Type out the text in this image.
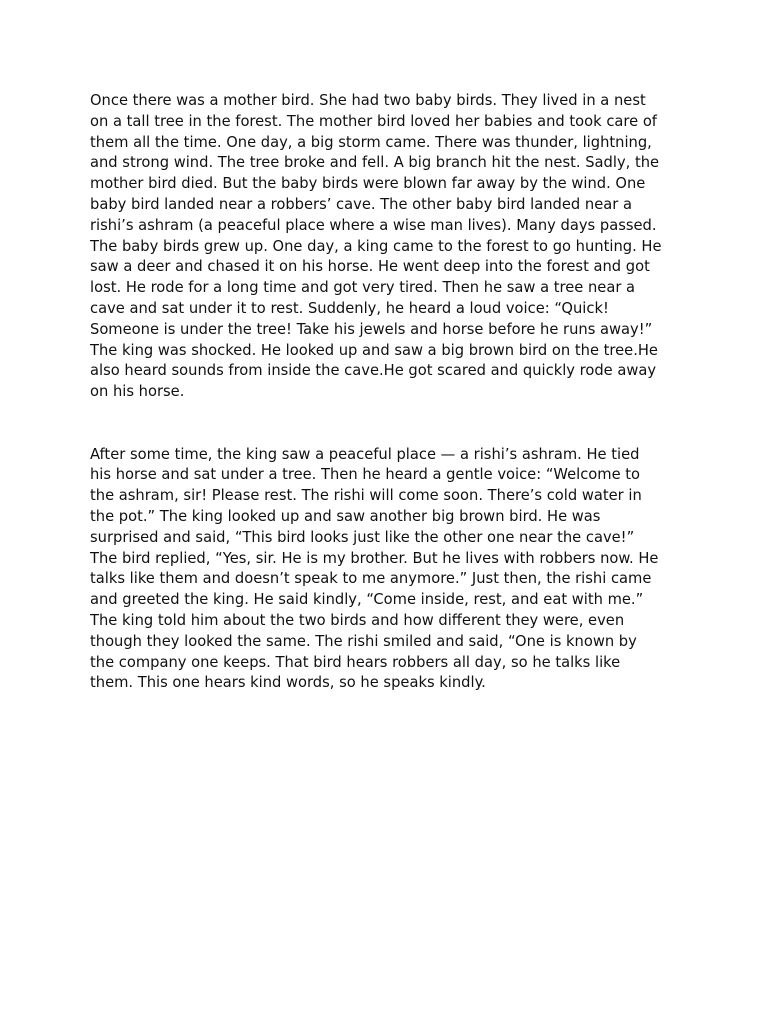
Once there was a mother bird. She had two baby birds. They lived in a nest
on a tall tree in the forest. The mother bird loved her babies and took care of
them all the time. One day, a big storm came. There was thunder, lightning,
and strong wind. The tree broke and fell. A big branch hit the nest. Sadly, the
mother bird died. But the baby birds were blown far away by the wind. One
baby bird landed near a robbers’ cave. The other baby bird landed near a
rishi’s ashram (a peaceful place where a wise man lives). Many days passed.
The baby birds grew up. One day, a king came to the forest to go hunting. He
saw a deer and chased it on his horse. He went deep into the forest and got
lost. He rode for a long time and got very tired. Then he saw a tree near a
cave and sat under it to rest. Suddenly, he heard a loud voice: “Quick!
Someone is under the tree! Take his jewels and horse before he runs away!”
The king was shocked. He looked up and saw a big brown bird on the tree.He
also heard sounds from inside the cave.He got scared and quickly rode away
on his horse.

After some time, the king saw a peaceful place — a rishi’s ashram. He tied
his horse and sat under a tree. Then he heard a gentle voice: “Welcome to
the ashram, sir! Please rest. The rishi will come soon. There’s cold water in
the pot.” The king looked up and saw another big brown bird. He was
surprised and said, “This bird looks just like the other one near the cave!”
The bird replied, “Yes, sir. He is my brother. But he lives with robbers now. He
talks like them and doesn’t speak to me anymore.” Just then, the rishi came
and greeted the king. He said kindly, “Come inside, rest, and eat with me.”
The king told him about the two birds and how different they were, even
though they looked the same. The rishi smiled and said, “One is known by
the company one keeps. That bird hears robbers all day, so he talks like
them. This one hears kind words, so he speaks kindly.
